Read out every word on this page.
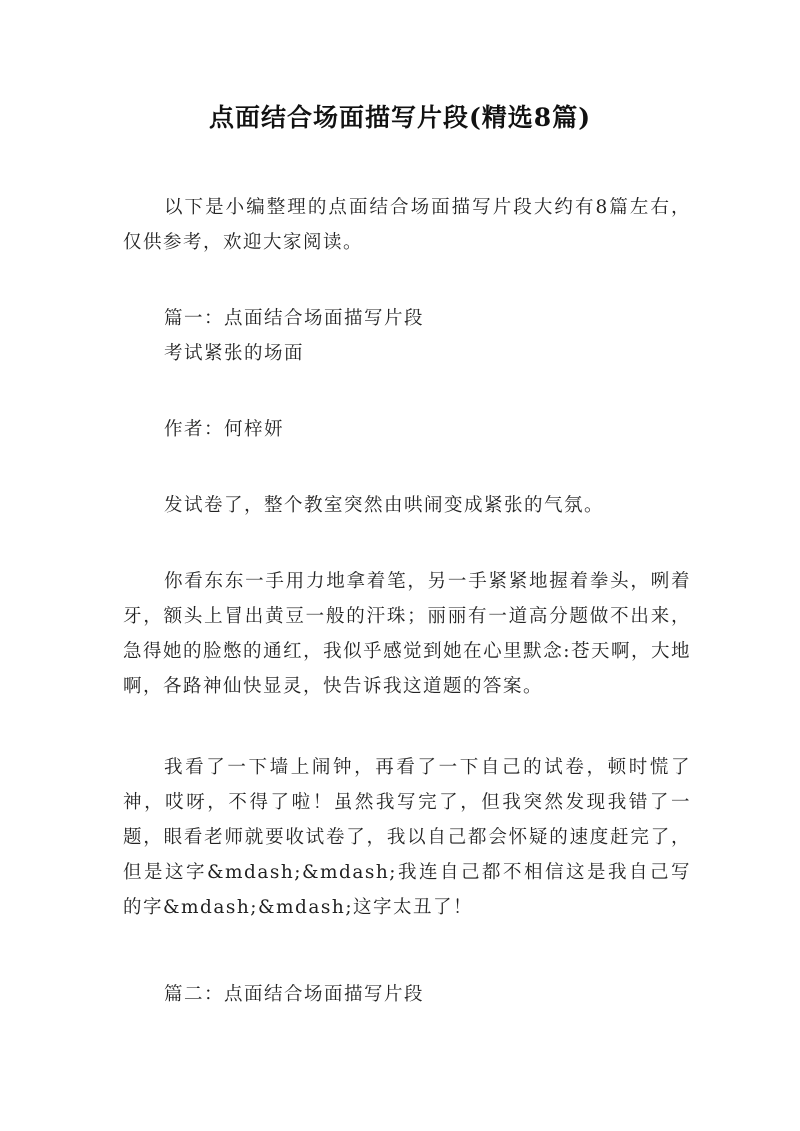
点面结合场面描写片段(精选8篇)

以下是小编整理的点面结合场面描写片段大约有8篇左右，仅供参考，欢迎大家阅读。

篇一：点面结合场面描写片段

考试紧张的场面

作者：何梓妍

发试卷了，整个教室突然由哄闹变成紧张的气氛。

你看东东一手用力地拿着笔，另一手紧紧地握着拳头，咧着牙，额头上冒出黄豆一般的汗珠；丽丽有一道高分题做不出来，急得她的脸憋的通红，我似乎感觉到她在心里默念:苍天啊，大地啊，各路神仙快显灵，快告诉我这道题的答案。

我看了一下墙上闹钟，再看了一下自己的试卷，顿时慌了神，哎呀，不得了啦！虽然我写完了，但我突然发现我错了一题，眼看老师就要收试卷了，我以自己都会怀疑的速度赶完了，但是这字&mdash;&mdash;我连自己都不相信这是我自己写的字&mdash;&mdash;这字太丑了！

篇二：点面结合场面描写片段
